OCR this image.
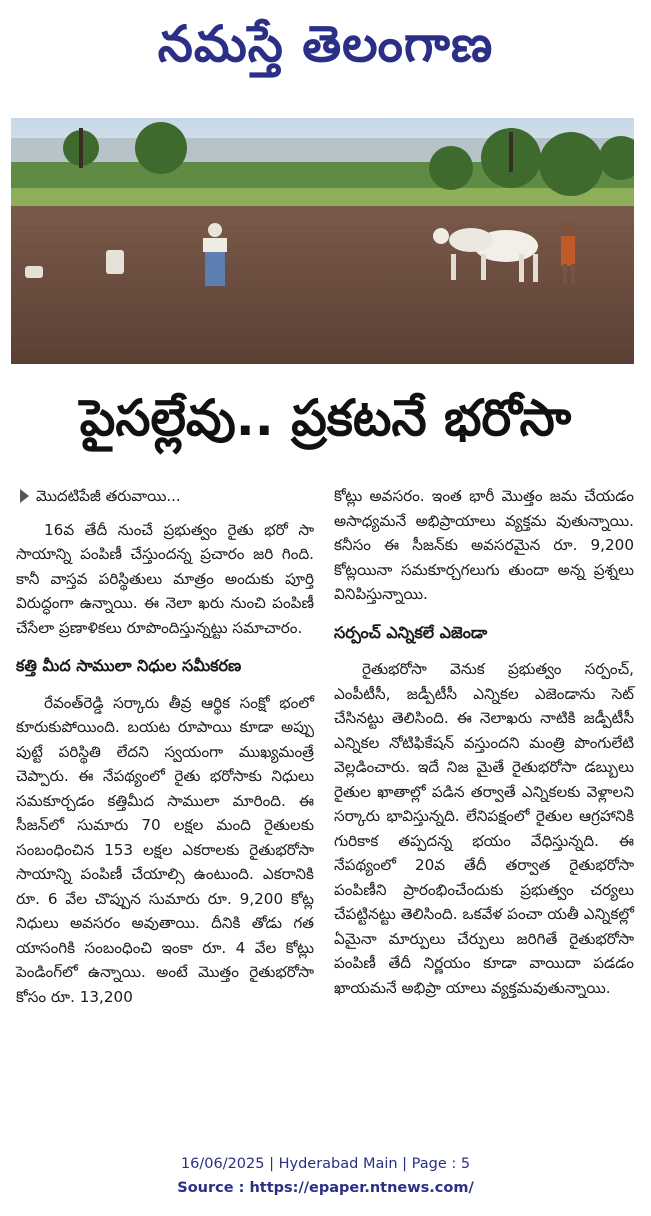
నమస్తే తెలంగాణ
పైసల్లేవు.. ప్రకటనే భరోసా
మొదటిపేజీ తరువాయి...

16వ తేదీ నుంచే ప్రభుత్వం రైతు భరో సా సాయాన్ని పంపిణీ చేస్తుందన్న ప్రచారం జరి గింది. కానీ వాస్తవ పరిస్థితులు మాత్రం అందుకు పూర్తి విరుద్ధంగా ఉన్నాయి. ఈ నెలా ఖరు నుంచి పంపిణీ చేసేలా ప్రణాళికలు రూపొందిస్తున్నట్టు సమాచారం.

కత్తి మీద సాములా నిధుల సమీకరణ

రేవంత్‌రెడ్డి సర్కారు తీవ్ర ఆర్థిక సంక్షో భంలో కూరుకుపోయింది. బయట రూపాయి కూడా అప్పు పుట్టే పరిస్థితి లేదని స్వయంగా ముఖ్యమంత్రే చెప్పారు. ఈ నేపథ్యంలో రైతు భరోసాకు నిధులు సమకూర్చడం కత్తిమీద సాములా మారింది. ఈ సీజన్‌లో సుమారు 70 లక్షల మంది రైతులకు సంబంధించిన 153 లక్షల ఎకరాలకు రైతుభరోసా సాయాన్ని పంపిణీ చేయాల్సి ఉంటుంది. ఎకరానికి రూ. 6 వేల చొప్పున సుమారు రూ. 9,200 కోట్ల నిధులు అవసరం అవుతాయి. దీనికి తోడు గత యాసంగికి సంబంధించి ఇంకా రూ. 4 వేల కోట్లు పెండింగ్‌లో ఉన్నాయి. అంటే మొత్తం రైతుభరోసా కోసం రూ. 13,200

కోట్లు అవసరం. ఇంత భారీ మొత్తం జమ చేయడం అసాధ్యమనే అభిప్రాయాలు వ్యక్తమ వుతున్నాయి. కనీసం ఈ సీజన్‌కు అవసరమైన రూ. 9,200 కోట్లయినా సమకూర్చగలుగు తుందా అన్న ప్రశ్నలు వినిపిస్తున్నాయి.

సర్పంచ్ ఎన్నికలే ఎజెండా

రైతుభరోసా వెనుక ప్రభుత్వం సర్పంచ్, ఎంపీటీసీ, జడ్పీటీసీ ఎన్నికల ఎజెండాను సెట్ చేసినట్టు తెలిసింది. ఈ నెలాఖరు నాటికి జడ్పీటీసీ ఎన్నికల నోటిఫికేషన్ వస్తుందని మంత్రి పొంగులేటి వెల్లడించారు. ఇదే నిజ మైతే రైతుభరోసా డబ్బులు రైతుల ఖాతాల్లో పడిన తర్వాతే ఎన్నికలకు వెళ్లాలని సర్కారు భావిస్తున్నది. లేనిపక్షంలో రైతుల ఆగ్రహానికి గురికాక తప్పదన్న భయం వేధిస్తున్నది. ఈ నేపథ్యంలో 20వ తేదీ తర్వాత రైతుభరోసా పంపిణీని ప్రారంభించేందుకు ప్రభుత్వం చర్యలు చేపట్టినట్టు తెలిసింది. ఒకవేళ పంచా యతీ ఎన్నికల్లో ఏమైనా మార్పులు చేర్పులు జరిగితే రైతుభరోసా పంపిణీ తేదీ నిర్ణయం కూడా వాయిదా పడడం ఖాయమనే అభిప్రా యాలు వ్యక్తమవుతున్నాయి.

16/06/2025 | Hyderabad Main | Page : 5
Source : https://epaper.ntnews.com/
